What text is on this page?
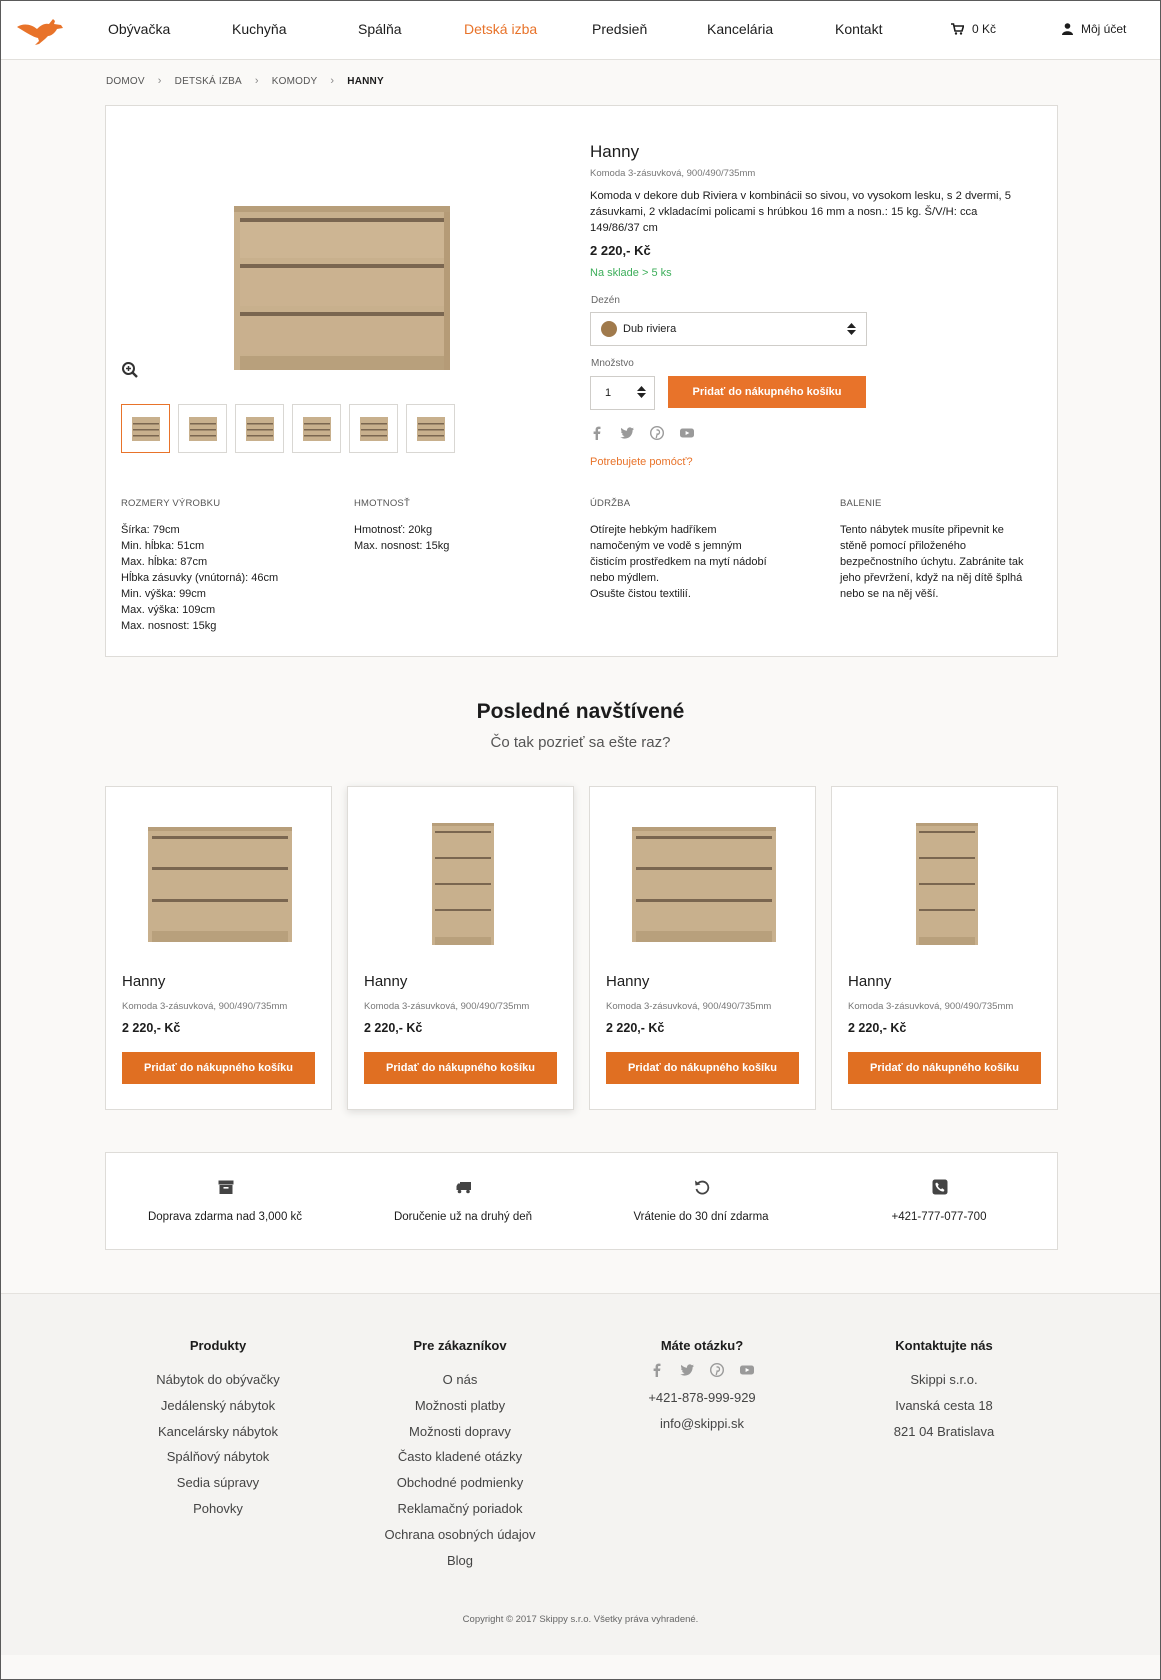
Obývačka	Kuchyňa	Spálňa	Detská izba	Predsieň	Kancelária	Kontakt	0 Kč	Môj účet
DOMOV › DETSKÁ IZBA › KOMODY › HANNY
Hanny
Komoda 3-zásuvková, 900/490/735mm
Komoda v dekore dub Riviera v kombinácii so sivou, vo vysokom lesku, s 2 dvermi, 5 zásuvkami, 2 vkladacími policami s hrúbkou 16 mm a nosn.: 15 kg. Š/V/H: cca 149/86/37 cm
2 220,- Kč
Na sklade > 5 ks
Dezén
Dub riviera
Množstvo
1	Pridať do nákupného košíku
Potrebujete pomócť?
ROZMERY VÝROBKU
Šírka: 79cm
Min. hĺbka: 51cm
Max. hĺbka: 87cm
Hĺbka zásuvky (vnútorná): 46cm
Min. výška: 99cm
Max. výška: 109cm
Max. nosnost: 15kg
HMOTNOSŤ
Hmotnosť: 20kg
Max. nosnost: 15kg
ÚDRŽBA
Otírejte hebkým hadříkem
namočeným ve vodě s jemným
čisticím prostředkem na mytí nádobí
nebo mýdlem.
Osušte čistou textilií.
BALENIE
Tento nábytek musíte připevnit ke
stěně pomocí přiloženého
bezpečnostního úchytu. Zabránite tak
jeho převržení, když na něj dítě šplhá
nebo se na něj věší.
Posledné navštívené
Čo tak pozrieť sa ešte raz?
Hanny
Komoda 3-zásuvková, 900/490/735mm
2 220,- Kč
Pridať do nákupného košíku
Hanny
Komoda 3-zásuvková, 900/490/735mm
2 220,- Kč
Pridať do nákupného košíku
Hanny
Komoda 3-zásuvková, 900/490/735mm
2 220,- Kč
Pridať do nákupného košíku
Hanny
Komoda 3-zásuvková, 900/490/735mm
2 220,- Kč
Pridať do nákupného košíku
Doprava zdarma nad 3,000 kč	Doručenie už na druhý deň	Vrátenie do 30 dní zdarma	+421-777-077-700
Produkty
Nábytok do obývačky
Jedálenský nábytok
Kancelársky nábytok
Spálňový nábytok
Sedia súpravy
Pohovky
Pre zákazníkov
O nás
Možnosti platby
Možnosti dopravy
Často kladené otázky
Obchodné podmienky
Reklamačný poriadok
Ochrana osobných údajov
Blog
Máte otázku?
+421-878-999-929
info@skippi.sk
Kontaktujte nás
Skippi s.r.o.
Ivanská cesta 18
821 04 Bratislava
Copyright © 2017 Skippy s.r.o. Všetky práva vyhradené.
